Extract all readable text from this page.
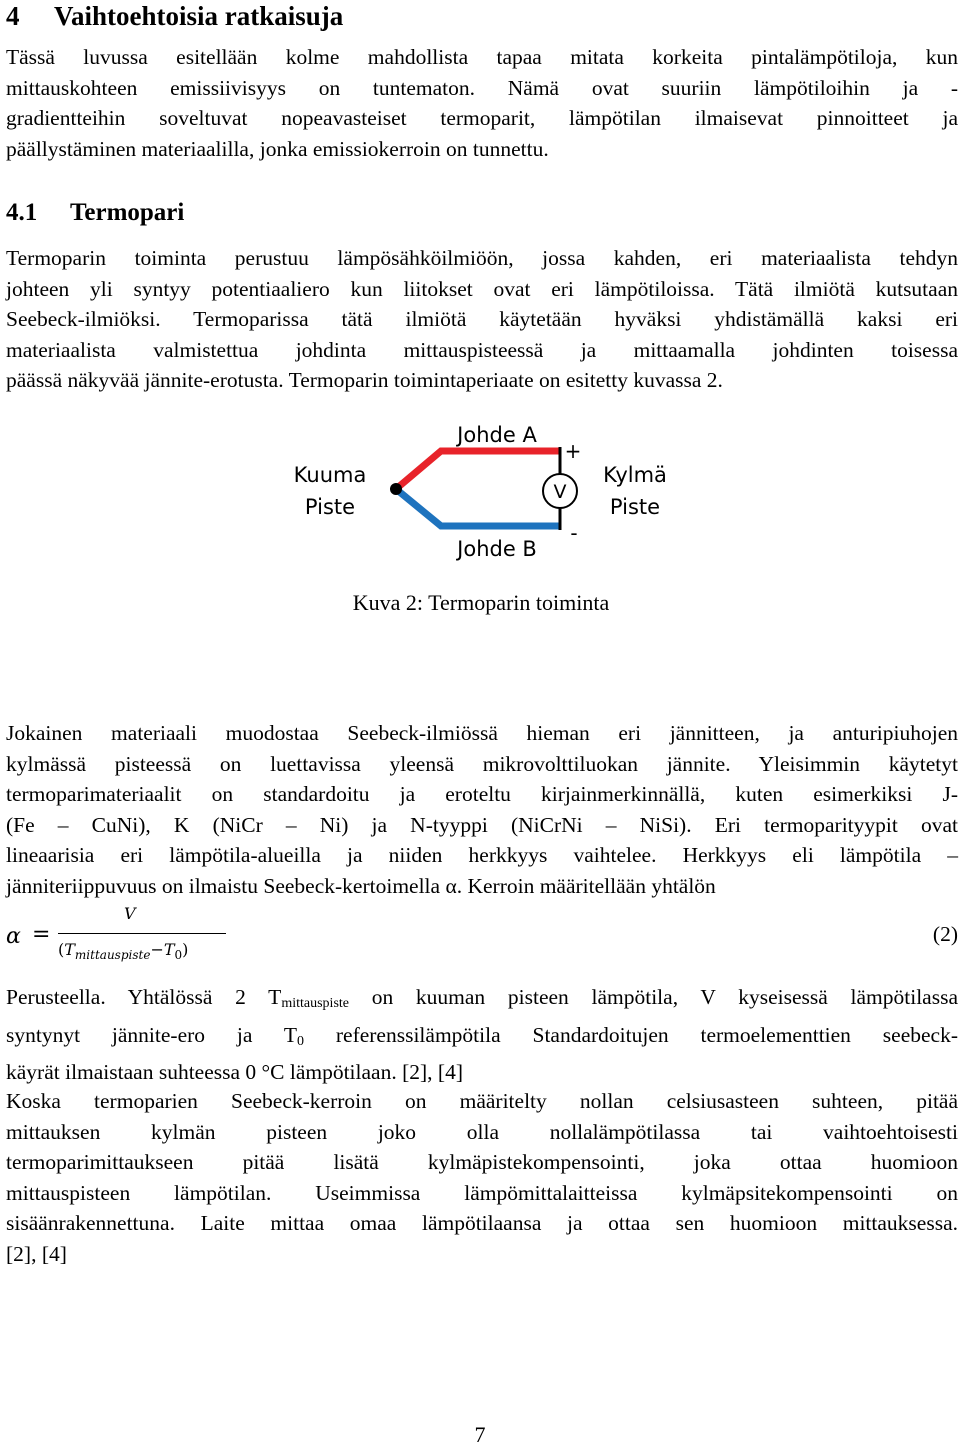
4 Vaihtoehtoisia ratkaisuja

Tässä luvussa esitellään kolme mahdollista tapaa mitata korkeita pintalämpötiloja, kun
mittauskohteen emissiivisyys on tuntematon. Nämä ovat suuriin lämpötiloihin ja -
gradientteihin soveltuvat nopeavasteiset termoparit, lämpötilan ilmaisevat pinnoitteet ja
päällystäminen materiaalilla, jonka emissiokerroin on tunnettu.

4.1 Termopari

Termoparin toiminta perustuu lämpösähköilmiöön, jossa kahden, eri materiaalista tehdyn
johteen yli syntyy potentiaaliero kun liitokset ovat eri lämpötiloissa. Tätä ilmiötä kutsutaan
Seebeck-ilmiöksi. Termoparissa tätä ilmiötä käytetään hyväksi yhdistämällä kaksi eri
materiaalista valmistettua johdinta mittauspisteessä ja mittaamalla johdinten toisessa
päässä näkyvää jännite-erotusta. Termoparin toimintaperiaate on esitetty kuvassa 2.

Kuuma
Piste
Johde A
Johde B
V
+
-
Kylmä
Piste
Kuva 2: Termoparin toiminta

Jokainen materiaali muodostaa Seebeck-ilmiössä hieman eri jännitteen, ja anturipiuhojen
kylmässä pisteessä on luettavissa yleensä mikrovolttiluokan jännite. Yleisimmin käytetyt
termoparimateriaalit on standardoitu ja eroteltu kirjainmerkinnällä, kuten esimerkiksi J-
(Fe – CuNi), K (NiCr – Ni) ja N-tyyppi (NiCrNi – NiSi). Eri termoparityypit ovat
lineaarisia eri lämpötila-alueilla ja niiden herkkyys vaihtelee. Herkkyys eli lämpötila –
jänniteriippuvuus on ilmaistu Seebeck-kertoimella α. Kerroin määritellään yhtälön

α =
V
$(T_{mittauspiste}-T_0)$
(2)

Perusteella. Yhtälössä 2 $T_{mittauspiste}$ on kuuman pisteen lämpötila, V kyseisessä lämpötilassa
syntynyt jännite-ero ja $T_0$ referenssilämpötila Standardoitujen termoelementtien seebeck-
käyrät ilmaistaan suhteessa 0 °C lämpötilaan. [2], [4]

Koska termoparien Seebeck-kerroin on määritelty nollan celsiusasteen suhteen, pitää
mittauksen kylmän pisteen joko olla nollalämpötilassa tai vaihtoehtoisesti
termoparimittaukseen pitää lisätä kylmäpistekompensointi, joka ottaa huomioon
mittauspisteen lämpötilan. Useimmissa lämpömittalaitteissa kylmäpsitekompensointi on
sisäänrakennettuna. Laite mittaa omaa lämpötilaansa ja ottaa sen huomioon mittauksessa.
[2], [4]

7
